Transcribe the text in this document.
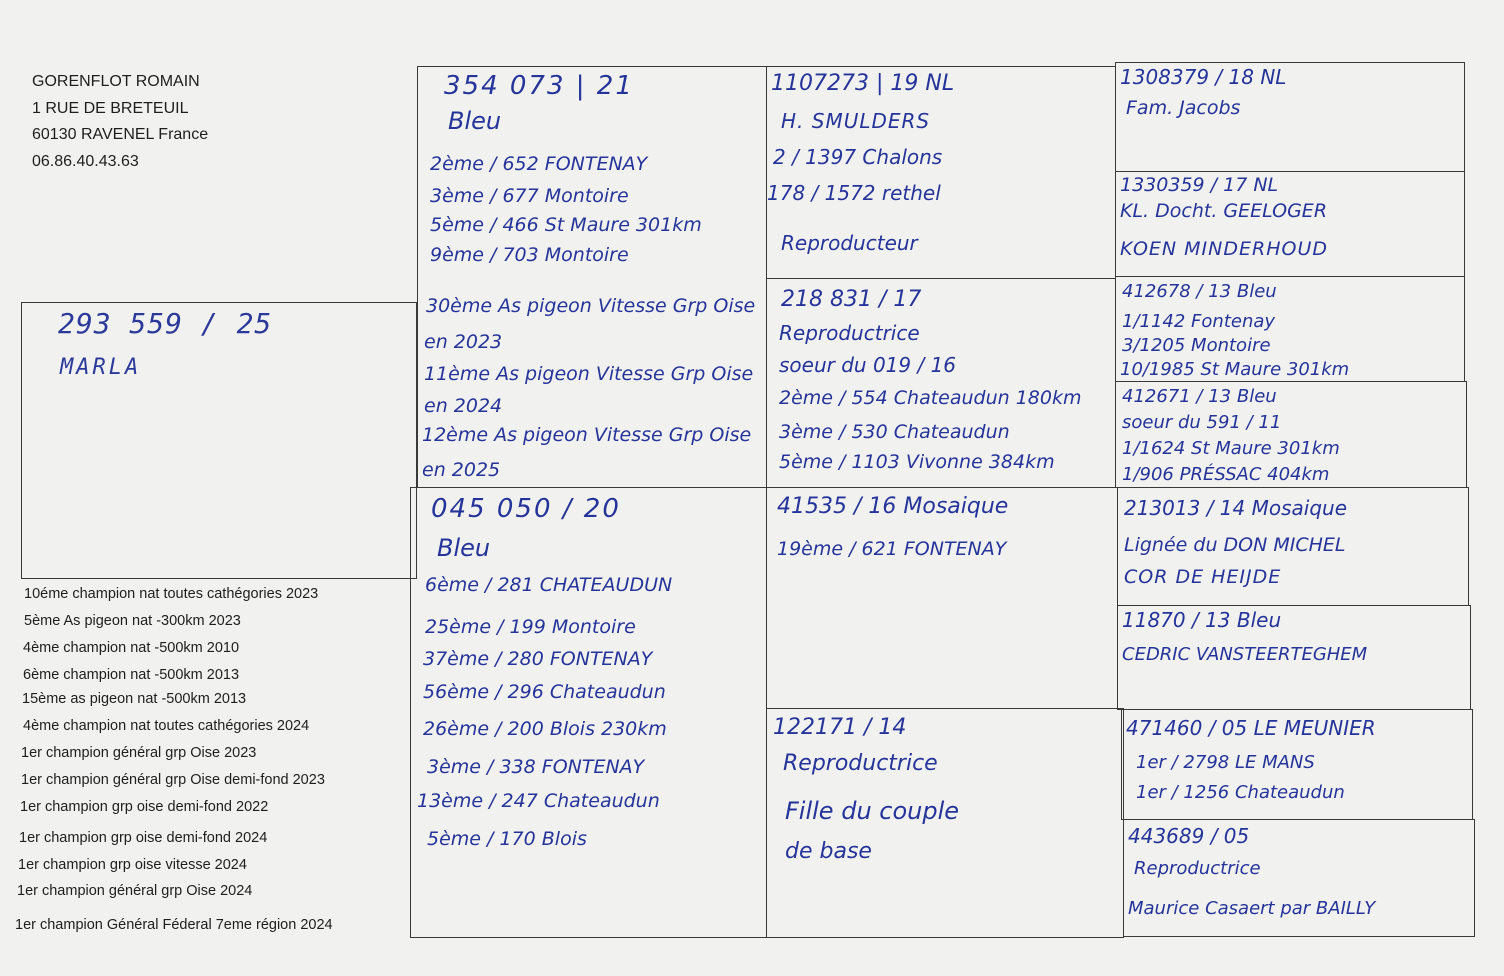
GORENFLOT ROMAIN
1 RUE DE BRETEUIL
60130 RAVENEL France
06.86.40.43.63
293 559 / 25
MARLA
10éme champion nat toutes cathégories 2023
5ème As pigeon nat -300km 2023
4ème champion nat -500km 2010
6ème champion nat -500km 2013
15ème as pigeon nat -500km 2013
4ème champion nat toutes cathégories 2024
1er champion général grp Oise 2023
1er champion général grp Oise demi-fond 2023
1er champion grp oise demi-fond 2022
1er champion grp oise demi-fond 2024
1er champion grp oise vitesse 2024
1er champion général grp Oise 2024
1er champion Général Féderal 7eme région 2024
354 073 | 21
Bleu
2ème / 652 FONTENAY
3ème / 677 Montoire
5ème / 466 St Maure 301km
9ème / 703 Montoire
30ème As pigeon Vitesse Grp Oise
en 2023
11ème As pigeon Vitesse Grp Oise
en 2024
12ème As pigeon Vitesse Grp Oise
en 2025
045 050 / 20
Bleu
6ème / 281 CHATEAUDUN
25ème / 199 Montoire
37ème / 280 FONTENAY
56ème / 296 Chateaudun
26ème / 200 Blois 230km
3ème / 338 FONTENAY
13ème / 247 Chateaudun
5ème / 170 Blois
1107273 | 19 NL
H. SMULDERS
2 / 1397 Chalons
178 / 1572 rethel
Reproducteur
218 831 / 17
Reproductrice
soeur du 019 / 16
2ème / 554 Chateaudun 180km
3ème / 530 Chateaudun
5ème / 1103 Vivonne 384km
41535 / 16 Mosaique
19ème / 621 FONTENAY
122171 / 14
Reproductrice
Fille du couple
de base
1308379 / 18 NL
Fam. Jacobs
1330359 / 17 NL
KL. Docht. GEELOGER
KOEN MINDERHOUD
412678 / 13 Bleu
1/1142 Fontenay
3/1205 Montoire
10/1985 St Maure 301km
412671 / 13 Bleu
soeur du 591 / 11
1/1624 St Maure 301km
1/906 PRÉSSAC 404km
213013 / 14 Mosaique
Lignée du DON MICHEL
COR DE HEIJDE
11870 / 13 Bleu
CEDRIC VANSTEERTEGHEM
471460 / 05 LE MEUNIER
1er / 2798 LE MANS
1er / 1256 Chateaudun
443689 / 05
Reproductrice
Maurice Casaert par BAILLY
